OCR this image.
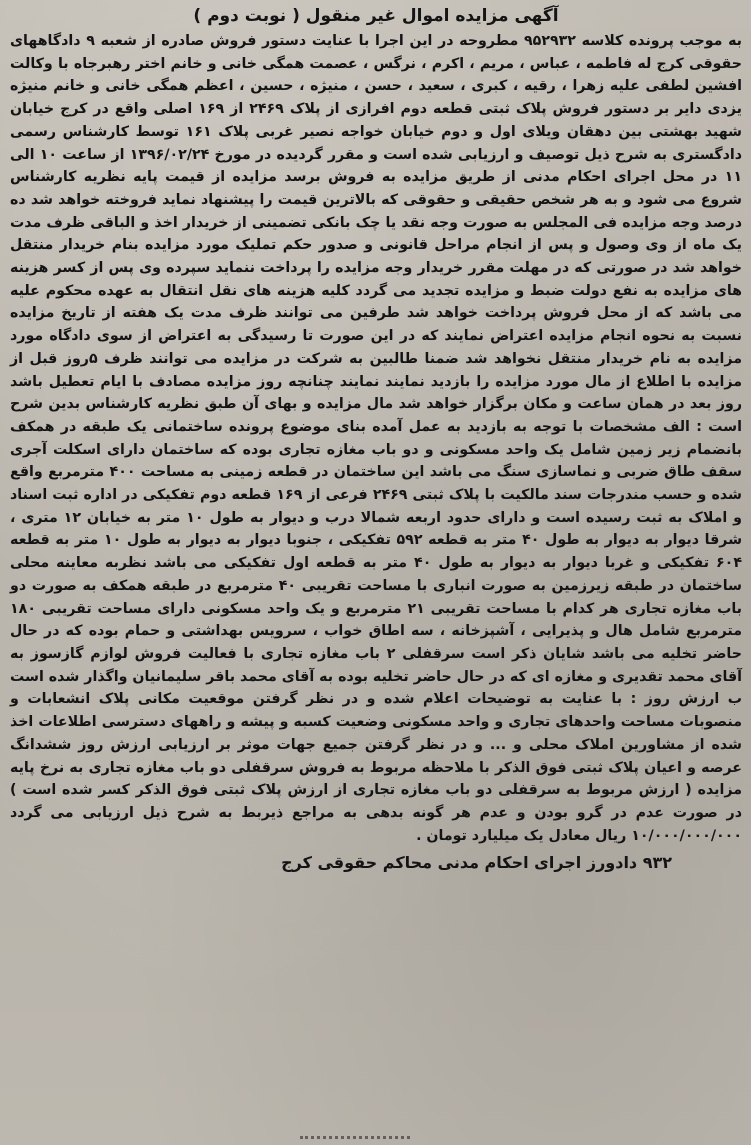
آگهی مزایده اموال غیر منقول ( نوبت دوم )

به موجب پرونده کلاسه ۹۵۲۹۳۲ مطروحه در این اجرا با عنایت دستور فروش صادره از شعبه ۹ دادگاههای حقوقی کرج له فاطمه ، عباس ، مریم ، اکرم ، نرگس ، عصمت همگی خانی و خانم اختر رهبرجاه با وکالت افشین لطفی علیه زهرا ، رقیه ، کبری ، سعید ، حسن ، منیژه ، حسین ، اعظم همگی خانی و خانم منیژه یزدی دایر بر دستور فروش پلاک ثبتی قطعه دوم افرازی از پلاک ۲۴۶۹ از ۱۶۹ اصلی واقع در کرج خیابان شهید بهشتی بین دهقان ویلای اول و دوم خیابان خواجه نصیر غربی پلاک ۱۶۱ توسط کارشناس رسمی دادگستری به شرح ذیل توصیف و ارزیابی شده است و مقرر گردیده در مورخ ۱۳۹۶/۰۲/۲۴ از ساعت ۱۰ الی ۱۱ در محل اجرای احکام مدنی از طریق مزایده به فروش برسد مزایده از قیمت پایه نظریه کارشناس شروع می شود و به هر شخص حقیقی و حقوقی که بالاترین قیمت را پیشنهاد نماید فروخته خواهد شد ده درصد وجه مزایده فی المجلس به صورت وجه نقد یا چک بانکی تضمینی از خریدار اخذ و الباقی ظرف مدت یک ماه از وی وصول و پس از انجام مراحل قانونی و صدور حکم تملیک مورد مزایده بنام خریدار منتقل خواهد شد در صورتی که در مهلت مقرر خریدار وجه مزایده را پرداخت ننماید سپرده وی پس از کسر هزینه های مزایده به نفع دولت ضبط و مزایده تجدید می گردد کلیه هزینه های نقل انتقال به عهده محکوم علیه می باشد که از محل فروش پرداخت خواهد شد طرفین می توانند ظرف مدت یک هفته از تاریخ مزایده نسبت به نحوه انجام مزایده اعتراض نمایند که در این صورت تا رسیدگی به اعتراض از سوی دادگاه مورد مزایده به نام خریدار منتقل نخواهد شد ضمنا طالبین به شرکت در مزایده می توانند ظرف ۵روز قبل از مزایده با اطلاع از مال مورد مزایده را بازدید نمایند نمایند چنانچه روز مزایده مصادف با ایام تعطیل باشد روز بعد در همان ساعت و مکان برگزار خواهد شد مال مزایده و بهای آن طبق نظریه کارشناس بدین شرح است : الف مشخصات با توجه به بازدید به عمل آمده بنای موضوع پرونده ساختمانی یک طبقه در همکف بانضمام زیر زمین شامل یک واحد مسکونی و دو باب مغازه تجاری بوده که ساختمان دارای اسکلت آجری سقف طاق ضربی و نماسازی سنگ می باشد این ساختمان در قطعه زمینی به مساحت ۴۰۰ مترمربع واقع شده و حسب مندرجات سند مالکیت با پلاک ثبتی ۲۴۶۹ فرعی از ۱۶۹ قطعه دوم تفکیکی در اداره ثبت اسناد و املاک به ثبت رسیده است و دارای حدود اربعه شمالا درب و دیوار به طول ۱۰ متر به خیابان ۱۲ متری ، شرقا دیوار به دیوار به طول ۴۰ متر به قطعه ۵۹۲ تفکیکی ، جنوبا دیوار به دیوار به طول ۱۰ متر به قطعه ۶۰۴ تفکیکی و غربا دیوار به دیوار به طول ۴۰ متر به قطعه اول تفکیکی می باشد نظربه معاینه محلی ساختمان در طبقه زیرزمین به صورت انباری با مساحت تقریبی ۴۰ مترمربع در طبقه همکف به صورت دو باب مغازه تجاری هر کدام با مساحت تقریبی ۲۱ مترمربع و یک واحد مسکونی دارای مساحت تقریبی ۱۸۰ مترمربع شامل هال و پذیرایی ، آشپزخانه ، سه اطاق خواب ، سرویس بهداشتی و حمام بوده که در حال حاضر تخلیه می باشد شایان ذکر است سرقفلی ۲ باب مغازه تجاری با فعالیت فروش لوازم گازسوز به آقای محمد تقدیری و مغازه ای که در حال حاضر تخلیه بوده به آقای محمد باقر سلیمانیان واگذار شده است ب ارزش روز : با عنایت به توضیحات اعلام شده و در نظر گرفتن موقعیت مکانی پلاک انشعابات و منصوبات مساحت واحدهای تجاری و واحد مسکونی وضعیت کسبه و پیشه و راههای دسترسی اطلاعات اخذ شده از مشاورین املاک محلی و ... و در نظر گرفتن جمیع جهات موثر بر ارزیابی ارزش روز ششدانگ عرصه و اعیان پلاک ثبتی فوق الذکر با ملاحظه مربوط به فروش سرقفلی دو باب مغازه تجاری به نرخ پایه مزایده ( ارزش مربوط به سرقفلی دو باب مغازه تجاری از ارزش پلاک ثبتی فوق الذکر کسر شده است ) در صورت عدم در گرو بودن و عدم هر گونه بدهی به مراجع ذیربط به شرح ذیل ارزیابی می گردد ۱۰/۰۰۰/۰۰۰/۰۰۰ ریال معادل یک میلیارد تومان .

۹۳۲ دادورز اجرای احکام مدنی محاکم حقوقی کرج
